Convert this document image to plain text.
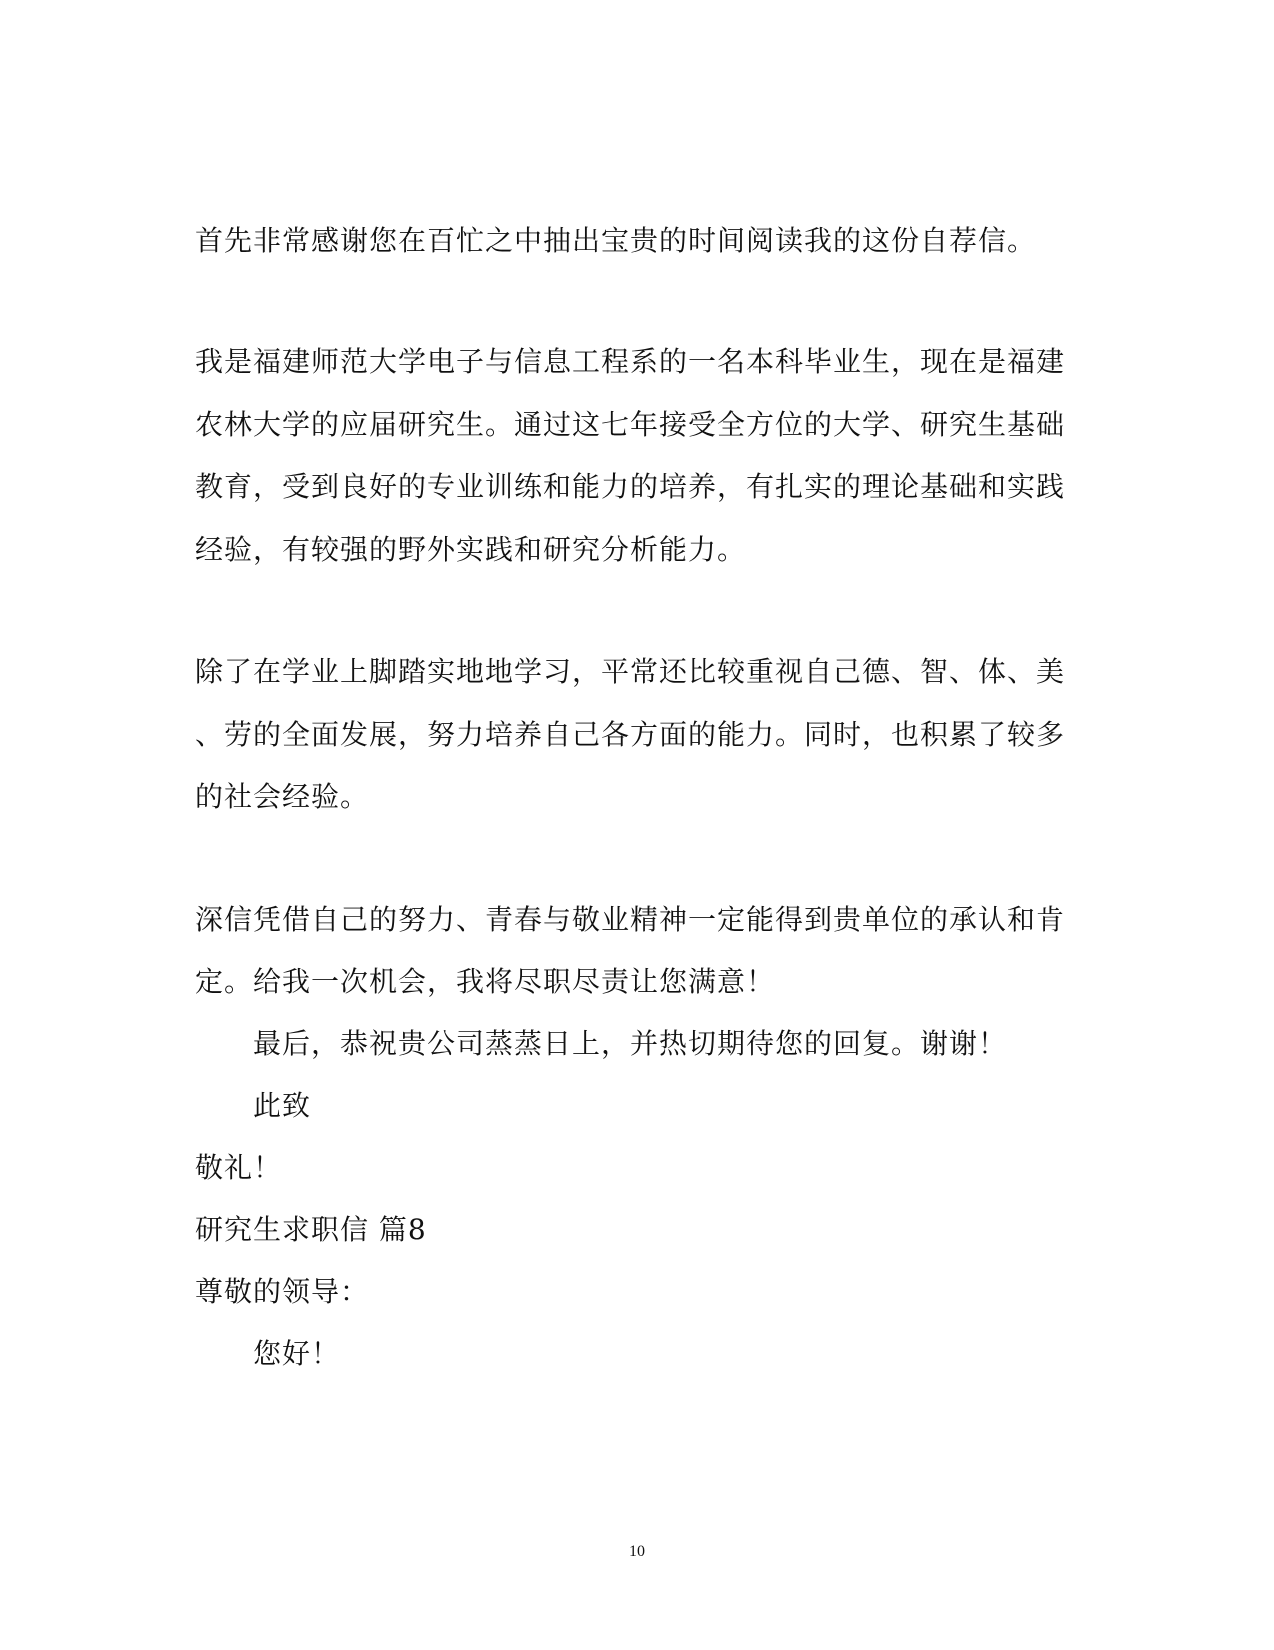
首先非常感谢您在百忙之中抽出宝贵的时间阅读我的这份自荐信。
我是福建师范大学电子与信息工程系的一名本科毕业生，现在是福建
农林大学的应届研究生。通过这七年接受全方位的大学、研究生基础
教育，受到良好的专业训练和能力的培养，有扎实的理论基础和实践
经验，有较强的野外实践和研究分析能力。
除了在学业上脚踏实地地学习，平常还比较重视自己德、智、体、美
、劳的全面发展，努力培养自己各方面的能力。同时，也积累了较多
的社会经验。
深信凭借自己的努力、青春与敬业精神一定能得到贵单位的承认和肯
定。给我一次机会，我将尽职尽责让您满意！
最后，恭祝贵公司蒸蒸日上，并热切期待您的回复。谢谢！
此致
敬礼！
研究生求职信 篇8
尊敬的领导：
您好！
10
